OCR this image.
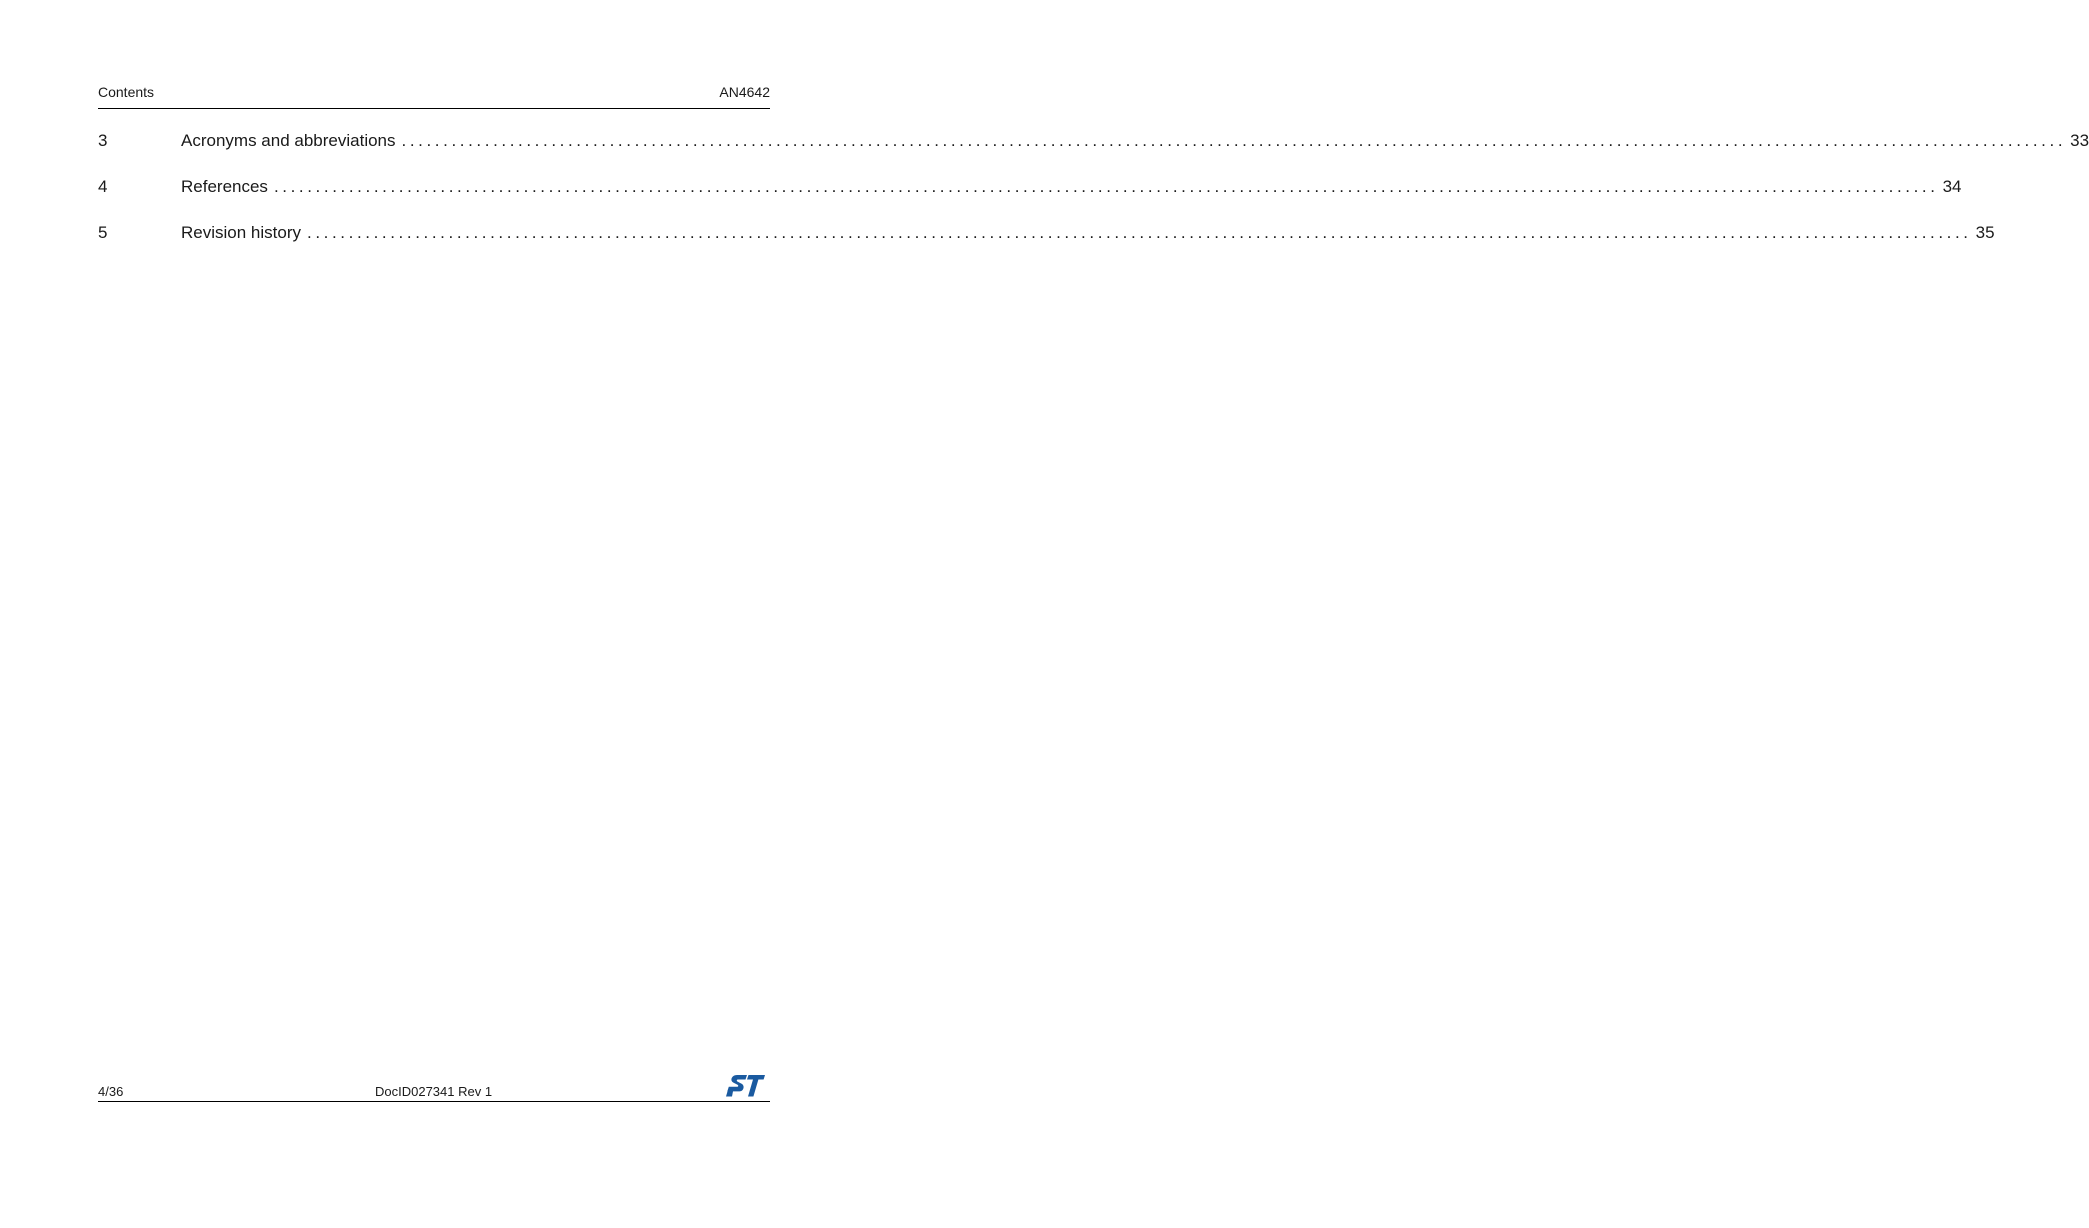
Contents	AN4642
3	Acronyms and abbreviations ........................................................................................................................................................................................................ 33
4	References ........................................................................................................................................................................................................ 34
5	Revision history ........................................................................................................................................................................................................ 35
4/36	DocID027341 Rev 1
